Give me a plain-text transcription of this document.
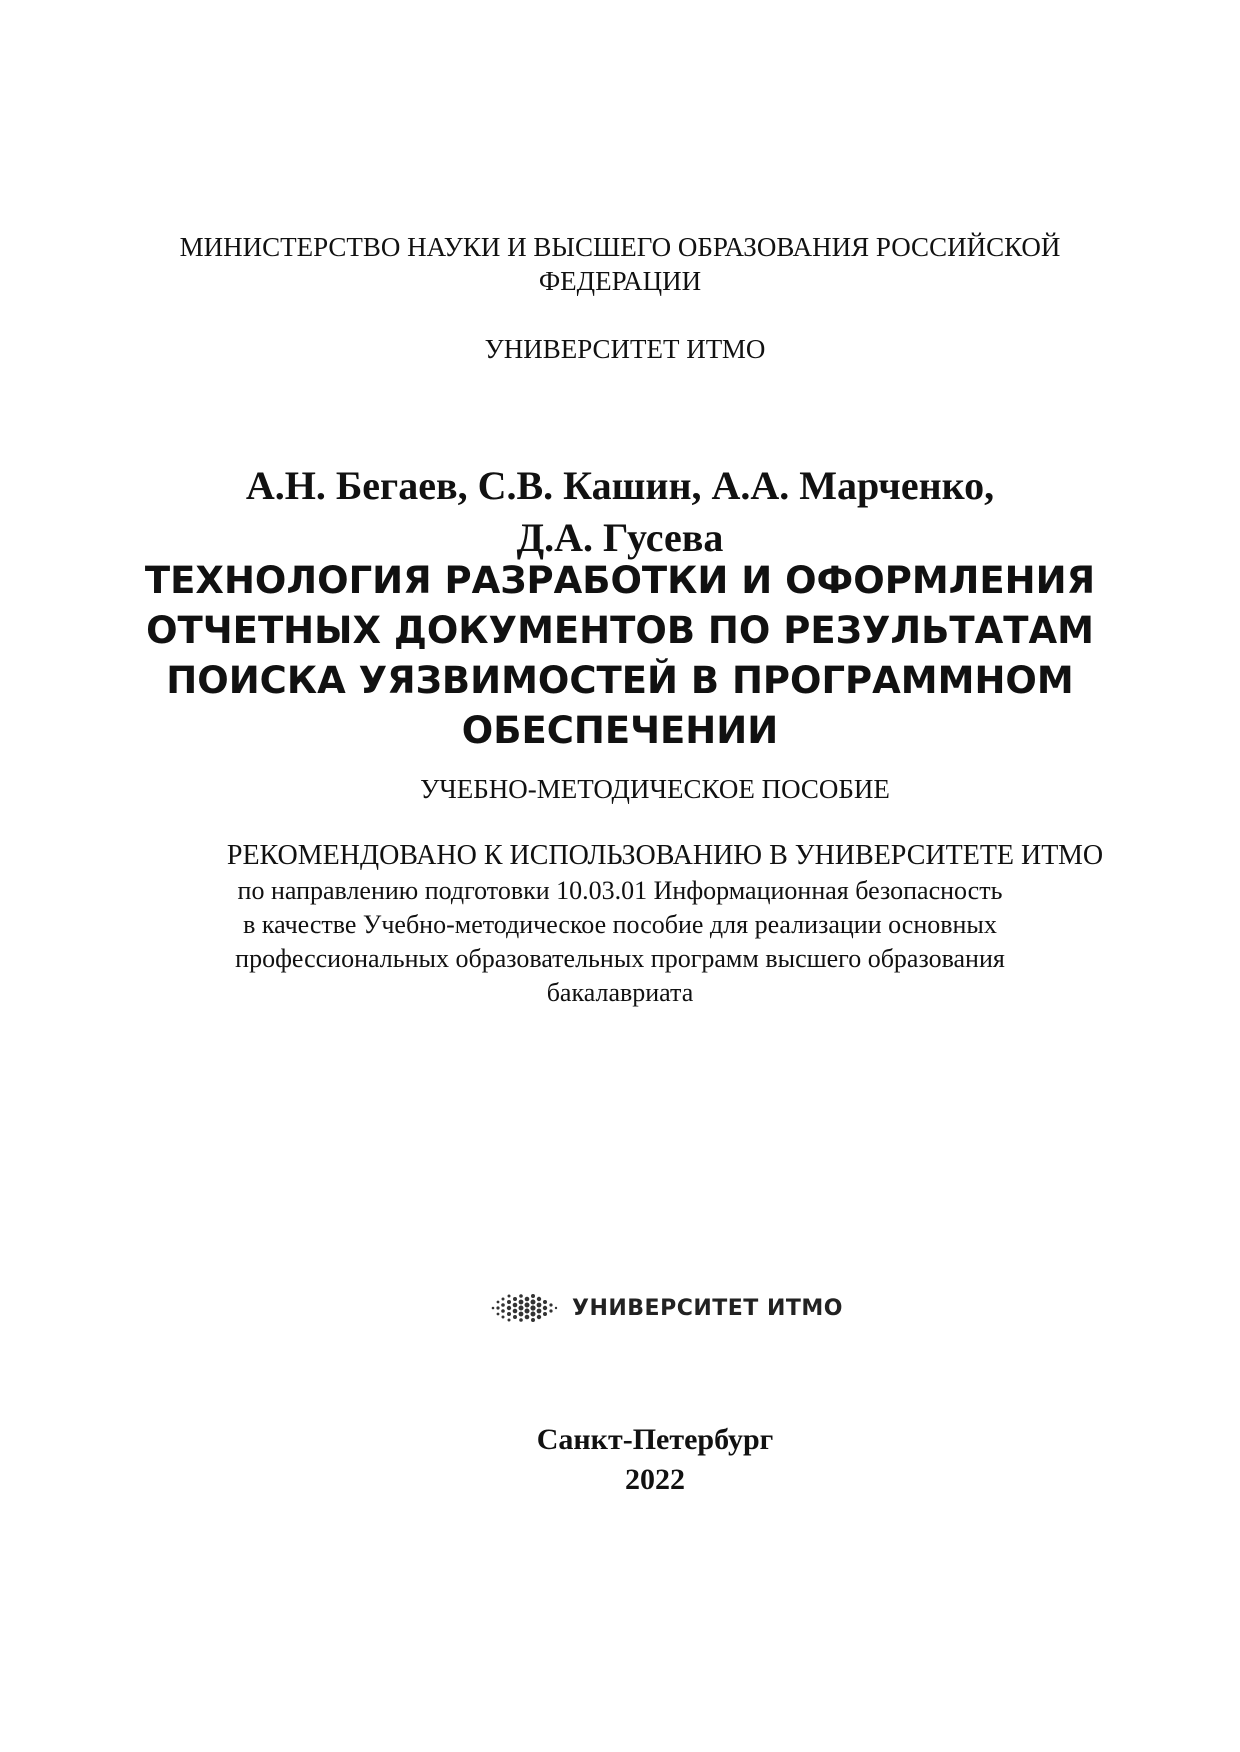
МИНИСТЕРСТВО НАУКИ И ВЫСШЕГО ОБРАЗОВАНИЯ РОССИЙСКОЙ
ФЕДЕРАЦИИ
УНИВЕРСИТЕТ ИТМО
А.Н. Бегаев, С.В. Кашин, А.А. Марченко,
Д.А. Гусева
ТЕХНОЛОГИЯ РАЗРАБОТКИ И ОФОРМЛЕНИЯ
ОТЧЕТНЫХ ДОКУМЕНТОВ ПО РЕЗУЛЬТАТАМ
ПОИСКА УЯЗВИМОСТЕЙ В ПРОГРАММНОМ
ОБЕСПЕЧЕНИИ
УЧЕБНО-МЕТОДИЧЕСКОЕ ПОСОБИЕ
РЕКОМЕНДОВАНО К ИСПОЛЬЗОВАНИЮ В УНИВЕРСИТЕТЕ ИТМО
по направлению подготовки 10.03.01 Информационная безопасность
в качестве Учебно-методическое пособие для реализации основных
профессиональных образовательных программ высшего образования
бакалавриата
УНИВЕРСИТЕТ ИТМО
Санкт-Петербург
2022
